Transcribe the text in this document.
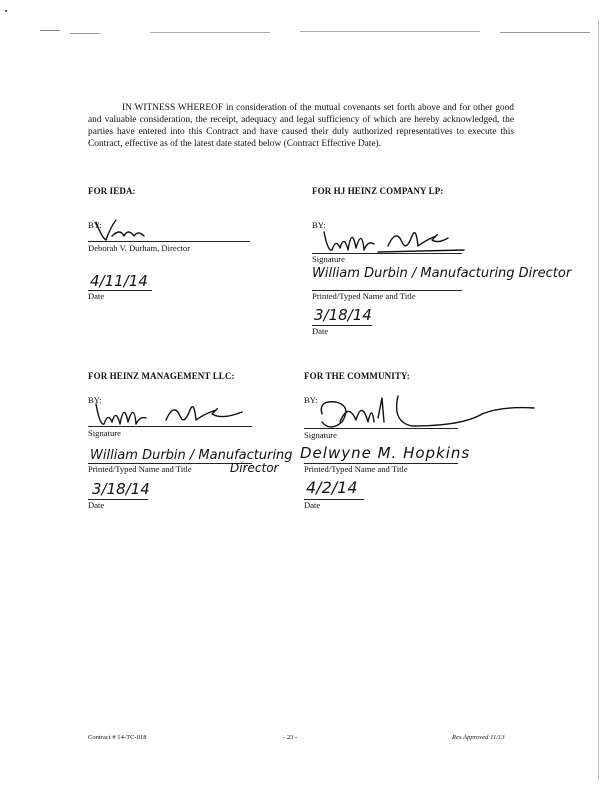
IN WITNESS WHEREOF in consideration of the mutual covenants set forth above and for other good and valuable consideration, the receipt, adequacy and legal sufficiency of which are hereby acknowledged, the parties have entered into this Contract and have caused their duly authorized representatives to execute this Contract, effective as of the latest date stated below (Contract Effective Date).
FOR IEDA:
BY:
Deborah V. Durham, Director
4/11/14
Date
FOR HJ HEINZ COMPANY LP:
BY:
Signature
William Durbin / Manufacturing Director
Printed/Typed Name and Title
3/18/14
Date
FOR HEINZ MANAGEMENT LLC:
BY:
Signature
William Durbin / Manufacturing
Printed/Typed Name and Title	Director
3/18/14
Date
FOR THE COMMUNITY:
BY:
Signature
Delwyne M. Hopkins
Printed/Typed Name and Title
4/2/14
Date
Contract # 14-TC-018	- 23 -	Res Approved 11/13
